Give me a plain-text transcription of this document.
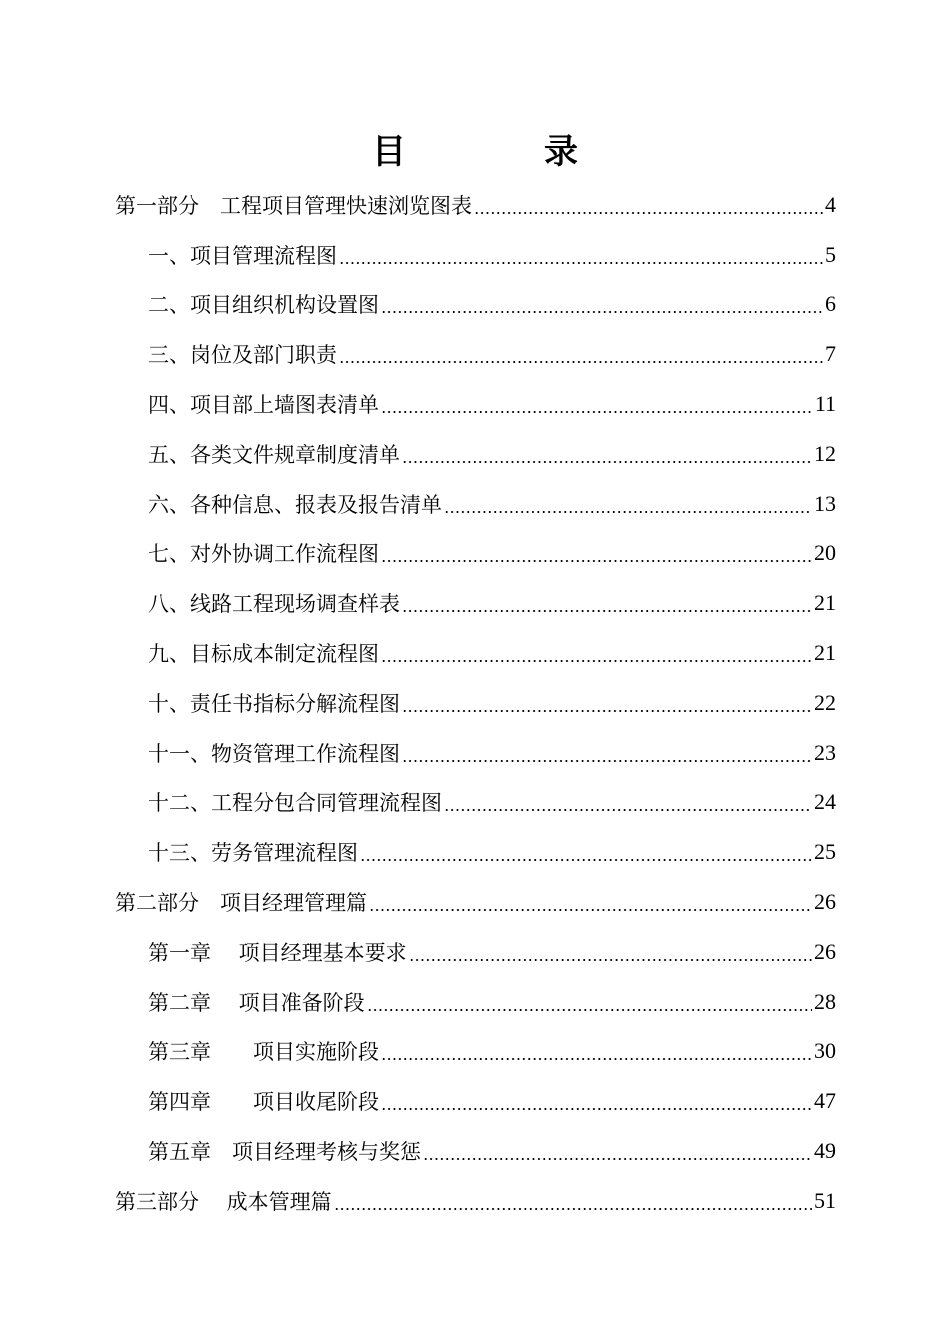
目　录
第一部分　工程项目管理快速浏览图表	4
一、项目管理流程图	5
二、项目组织机构设置图	6
三、岗位及部门职责	7
四、项目部上墙图表清单	11
五、各类文件规章制度清单	12
六、各种信息、报表及报告清单	13
七、对外协调工作流程图	20
八、线路工程现场调查样表	21
九、目标成本制定流程图	21
十、责任书指标分解流程图	22
十一、物资管理工作流程图	23
十二、工程分包合同管理流程图	24
十三、劳务管理流程图	25
第二部分　项目经理管理篇	26
第一章　 项目经理基本要求	26
第二章　 项目准备阶段	28
第三章　　项目实施阶段	30
第四章　　项目收尾阶段	47
第五章　项目经理考核与奖惩	49
第三部分　 成本管理篇	51
